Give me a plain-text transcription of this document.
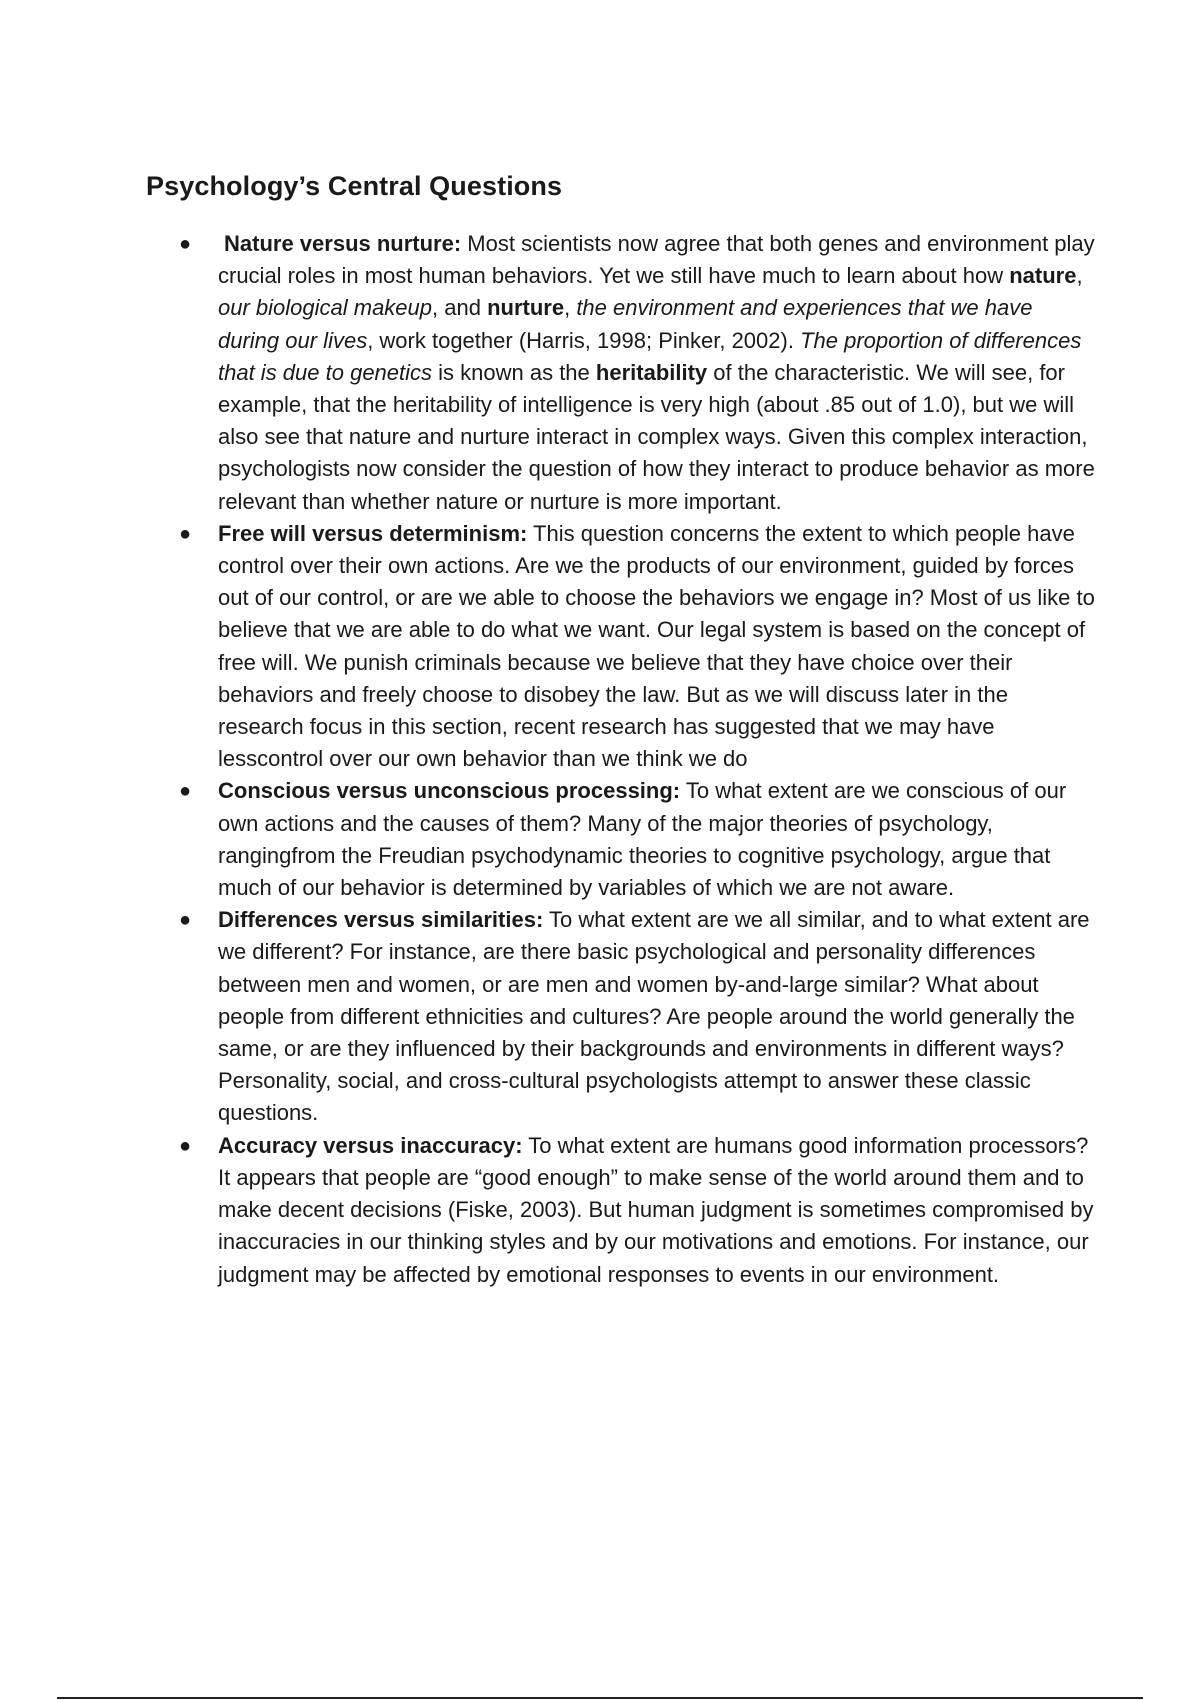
Psychology’s Central Questions
● Nature versus nurture: Most scientists now agree that both genes and environment play crucial roles in most human behaviors. Yet we still have much to learn about how nature, our biological makeup, and nurture, the environment and experiences that we have during our lives, work together (Harris, 1998; Pinker, 2002). The proportion of differences that is due to genetics is known as the heritability of the characteristic. We will see, for example, that the heritability of intelligence is very high (about .85 out of 1.0), but we will also see that nature and nurture interact in complex ways. Given this complex interaction, psychologists now consider the question of how they interact to produce behavior as more relevant than whether nature or nurture is more important.
● Free will versus determinism: This question concerns the extent to which people have control over their own actions. Are we the products of our environment, guided by forces out of our control, or are we able to choose the behaviors we engage in? Most of us like to believe that we are able to do what we want. Our legal system is based on the concept of free will. We punish criminals because we believe that they have choice over their behaviors and freely choose to disobey the law. But as we will discuss later in the research focus in this section, recent research has suggested that we may have lesscontrol over our own behavior than we think we do
● Conscious versus unconscious processing: To what extent are we conscious of our own actions and the causes of them? Many of the major theories of psychology, rangingfrom the Freudian psychodynamic theories to cognitive psychology, argue that much of our behavior is determined by variables of which we are not aware.
● Differences versus similarities: To what extent are we all similar, and to what extent are we different? For instance, are there basic psychological and personality differences between men and women, or are men and women by-and-large similar? What about people from different ethnicities and cultures? Are people around the world generally the same, or are they influenced by their backgrounds and environments in different ways? Personality, social, and cross-cultural psychologists attempt to answer these classic questions.
● Accuracy versus inaccuracy: To what extent are humans good information processors? It appears that people are “good enough” to make sense of the world around them and to make decent decisions (Fiske, 2003). But human judgment is sometimes compromised by inaccuracies in our thinking styles and by our motivations and emotions. For instance, our judgment may be affected by emotional responses to events in our environment.
